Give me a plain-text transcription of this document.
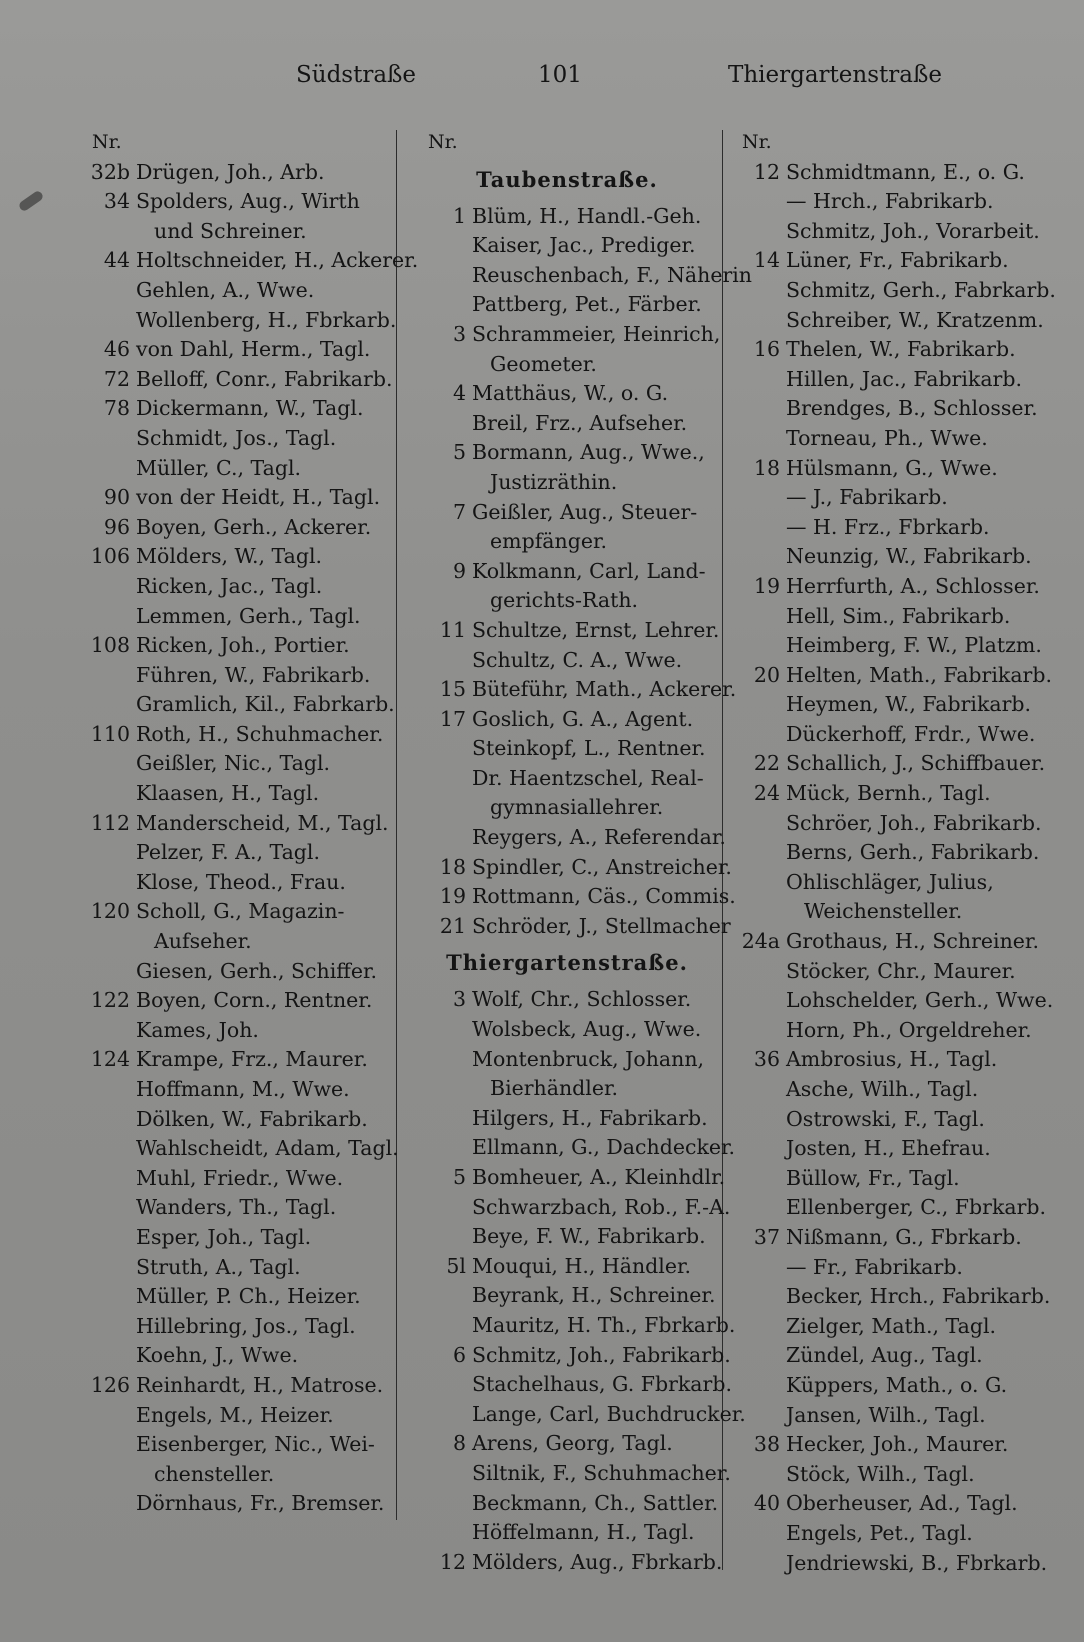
Südstraße	101	Thiergartenstraße
Nr.
32b Drügen, Joh., Arb.
34 Spolders, Aug., Wirth
und Schreiner.
44 Holtschneider, H., Ackerer.
Gehlen, A., Wwe.
Wollenberg, H., Fbrkarb.
46 von Dahl, Herm., Tagl.
72 Belloff, Conr., Fabrikarb.
78 Dickermann, W., Tagl.
Schmidt, Jos., Tagl.
Müller, C., Tagl.
90 von der Heidt, H., Tagl.
96 Boyen, Gerh., Ackerer.
106 Mölders, W., Tagl.
Ricken, Jac., Tagl.
Lemmen, Gerh., Tagl.
108 Ricken, Joh., Portier.
Führen, W., Fabrikarb.
Gramlich, Kil., Fabrkarb.
110 Roth, H., Schuhmacher.
Geißler, Nic., Tagl.
Klaasen, H., Tagl.
112 Manderscheid, M., Tagl.
Pelzer, F. A., Tagl.
Klose, Theod., Frau.
120 Scholl, G., Magazin-
Aufseher.
Giesen, Gerh., Schiffer.
122 Boyen, Corn., Rentner.
Kames, Joh.
124 Krampe, Frz., Maurer.
Hoffmann, M., Wwe.
Dölken, W., Fabrikarb.
Wahlscheidt, Adam, Tagl.
Muhl, Friedr., Wwe.
Wanders, Th., Tagl.
Esper, Joh., Tagl.
Struth, A., Tagl.
Müller, P. Ch., Heizer.
Hillebring, Jos., Tagl.
Koehn, J., Wwe.
126 Reinhardt, H., Matrose.
Engels, M., Heizer.
Eisenberger, Nic., Wei-
chensteller.
Dörnhaus, Fr., Bremser.
Nr.
Taubenstraße.
1 Blüm, H., Handl.-Geh.
Kaiser, Jac., Prediger.
Reuschenbach, F., Näherin
Pattberg, Pet., Färber.
3 Schrammeier, Heinrich,
Geometer.
4 Matthäus, W., o. G.
Breil, Frz., Aufseher.
5 Bormann, Aug., Wwe.,
Justizräthin.
7 Geißler, Aug., Steuer-
empfänger.
9 Kolkmann, Carl, Land-
gerichts-Rath.
11 Schultze, Ernst, Lehrer.
Schultz, C. A., Wwe.
15 Büteführ, Math., Ackerer.
17 Goslich, G. A., Agent.
Steinkopf, L., Rentner.
Dr. Haentzschel, Real-
gymnasiallehrer.
Reygers, A., Referendar.
18 Spindler, C., Anstreicher.
19 Rottmann, Cäs., Commis.
21 Schröder, J., Stellmacher
Thiergartenstraße.
3 Wolf, Chr., Schlosser.
Wolsbeck, Aug., Wwe.
Montenbruck, Johann,
Bierhändler.
Hilgers, H., Fabrikarb.
Ellmann, G., Dachdecker.
5 Bomheuer, A., Kleinhdlr.
Schwarzbach, Rob., F.-A.
Beye, F. W., Fabrikarb.
5l Mouqui, H., Händler.
Beyrank, H., Schreiner.
Mauritz, H. Th., Fbrkarb.
6 Schmitz, Joh., Fabrikarb.
Stachelhaus, G. Fbrkarb.
Lange, Carl, Buchdrucker.
8 Arens, Georg, Tagl.
Siltnik, F., Schuhmacher.
Beckmann, Ch., Sattler.
Höffelmann, H., Tagl.
12 Mölders, Aug., Fbrkarb.
Nr.
12 Schmidtmann, E., o. G.
— Hrch., Fabrikarb.
Schmitz, Joh., Vorarbeit.
14 Lüner, Fr., Fabrikarb.
Schmitz, Gerh., Fabrkarb.
Schreiber, W., Kratzenm.
16 Thelen, W., Fabrikarb.
Hillen, Jac., Fabrikarb.
Brendges, B., Schlosser.
Torneau, Ph., Wwe.
18 Hülsmann, G., Wwe.
— J., Fabrikarb.
— H. Frz., Fbrkarb.
Neunzig, W., Fabrikarb.
19 Herrfurth, A., Schlosser.
Hell, Sim., Fabrikarb.
Heimberg, F. W., Platzm.
20 Helten, Math., Fabrikarb.
Heymen, W., Fabrikarb.
Dückerhoff, Frdr., Wwe.
22 Schallich, J., Schiffbauer.
24 Mück, Bernh., Tagl.
Schröer, Joh., Fabrikarb.
Berns, Gerh., Fabrikarb.
Ohlischläger, Julius,
Weichensteller.
24a Grothaus, H., Schreiner.
Stöcker, Chr., Maurer.
Lohschelder, Gerh., Wwe.
Horn, Ph., Orgeldreher.
36 Ambrosius, H., Tagl.
Asche, Wilh., Tagl.
Ostrowski, F., Tagl.
Josten, H., Ehefrau.
Büllow, Fr., Tagl.
Ellenberger, C., Fbrkarb.
37 Nißmann, G., Fbrkarb.
— Fr., Fabrikarb.
Becker, Hrch., Fabrikarb.
Zielger, Math., Tagl.
Zündel, Aug., Tagl.
Küppers, Math., o. G.
Jansen, Wilh., Tagl.
38 Hecker, Joh., Maurer.
Stöck, Wilh., Tagl.
40 Oberheuser, Ad., Tagl.
Engels, Pet., Tagl.
Jendriewski, B., Fbrkarb.
